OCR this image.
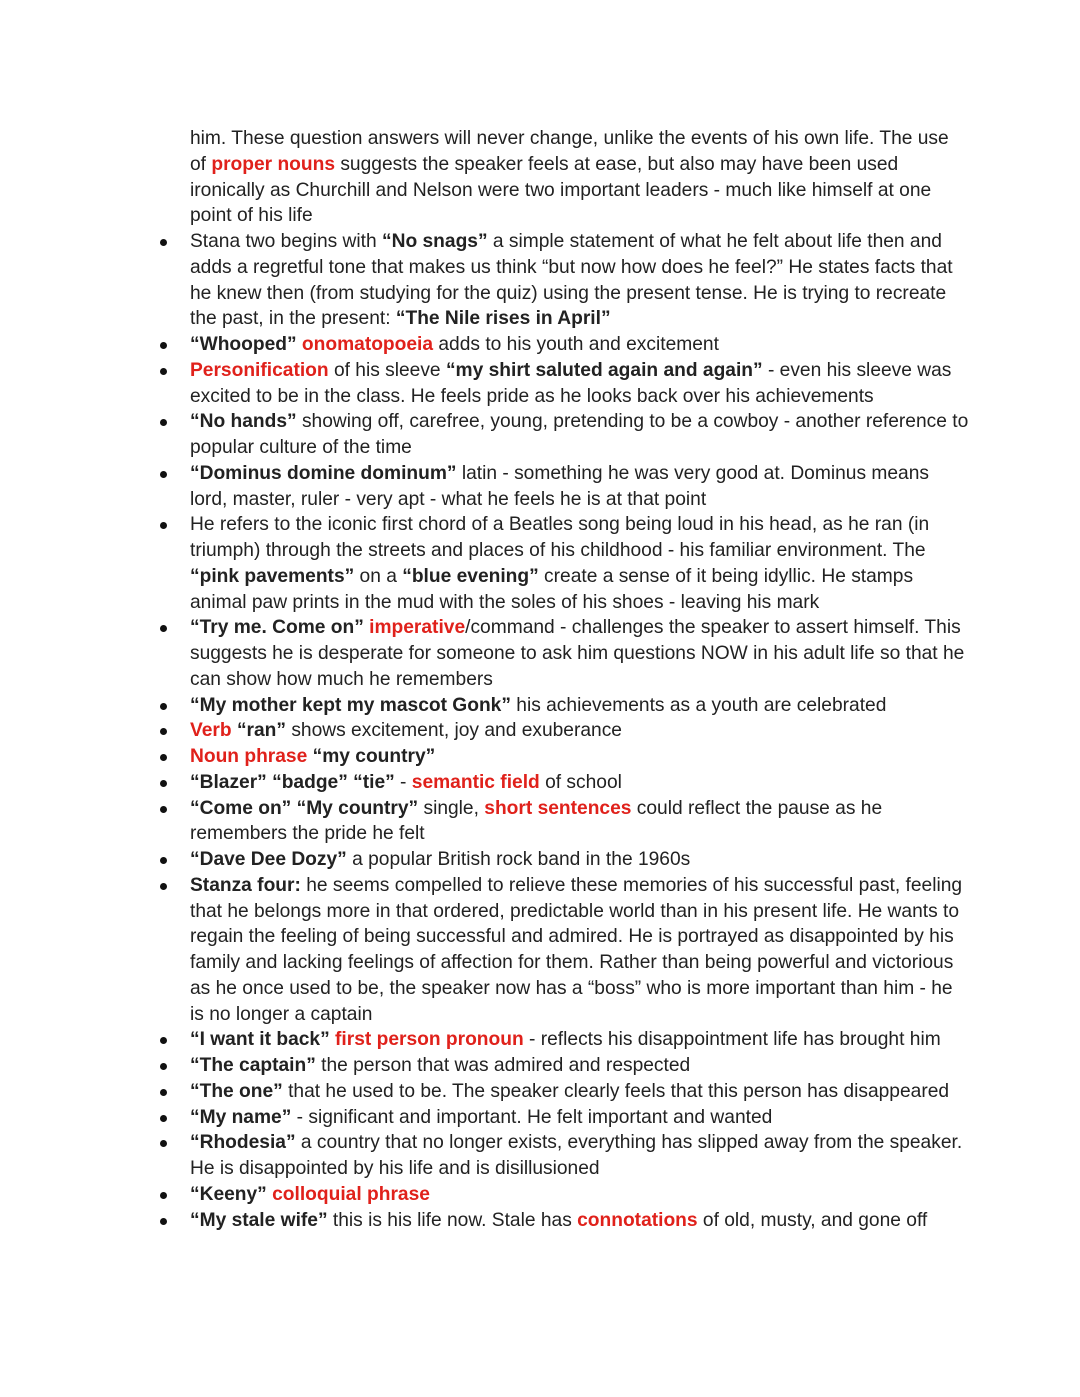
him. These question answers will never change, unlike the events of his own life. The use of proper nouns suggests the speaker feels at ease, but also may have been used ironically as Churchill and Nelson were two important leaders - much like himself at one point of his life

Stana two begins with “No snags” a simple statement of what he felt about life then and adds a regretful tone that makes us think “but now how does he feel?” He states facts that he knew then (from studying for the quiz) using the present tense. He is trying to recreate the past, in the present: “The Nile rises in April”

“Whooped” onomatopoeia adds to his youth and excitement

Personification of his sleeve “my shirt saluted again and again” - even his sleeve was excited to be in the class. He feels pride as he looks back over his achievements

“No hands” showing off, carefree, young, pretending to be a cowboy - another reference to popular culture of the time

“Dominus domine dominum” latin - something he was very good at. Dominus means lord, master, ruler - very apt - what he feels he is at that point

He refers to the iconic first chord of a Beatles song being loud in his head, as he ran (in triumph) through the streets and places of his childhood - his familiar environment. The “pink pavements” on a “blue evening” create a sense of it being idyllic. He stamps animal paw prints in the mud with the soles of his shoes - leaving his mark

“Try me. Come on” imperative/command - challenges the speaker to assert himself. This suggests he is desperate for someone to ask him questions NOW in his adult life so that he can show how much he remembers

“My mother kept my mascot Gonk” his achievements as a youth are celebrated

Verb “ran” shows excitement, joy and exuberance

Noun phrase “my country”

“Blazer” “badge” “tie” - semantic field of school

“Come on” “My country” single, short sentences could reflect the pause as he remembers the pride he felt

“Dave Dee Dozy” a popular British rock band in the 1960s

Stanza four: he seems compelled to relieve these memories of his successful past, feeling that he belongs more in that ordered, predictable world than in his present life. He wants to regain the feeling of being successful and admired. He is portrayed as disappointed by his family and lacking feelings of affection for them. Rather than being powerful and victorious as he once used to be, the speaker now has a “boss” who is more important than him - he is no longer a captain

“I want it back” first person pronoun - reflects his disappointment life has brought him

“The captain” the person that was admired and respected

“The one” that he used to be. The speaker clearly feels that this person has disappeared

“My name” - significant and important. He felt important and wanted

“Rhodesia” a country that no longer exists, everything has slipped away from the speaker. He is disappointed by his life and is disillusioned

“Keeny” colloquial phrase

“My stale wife” this is his life now. Stale has connotations of old, musty, and gone off
